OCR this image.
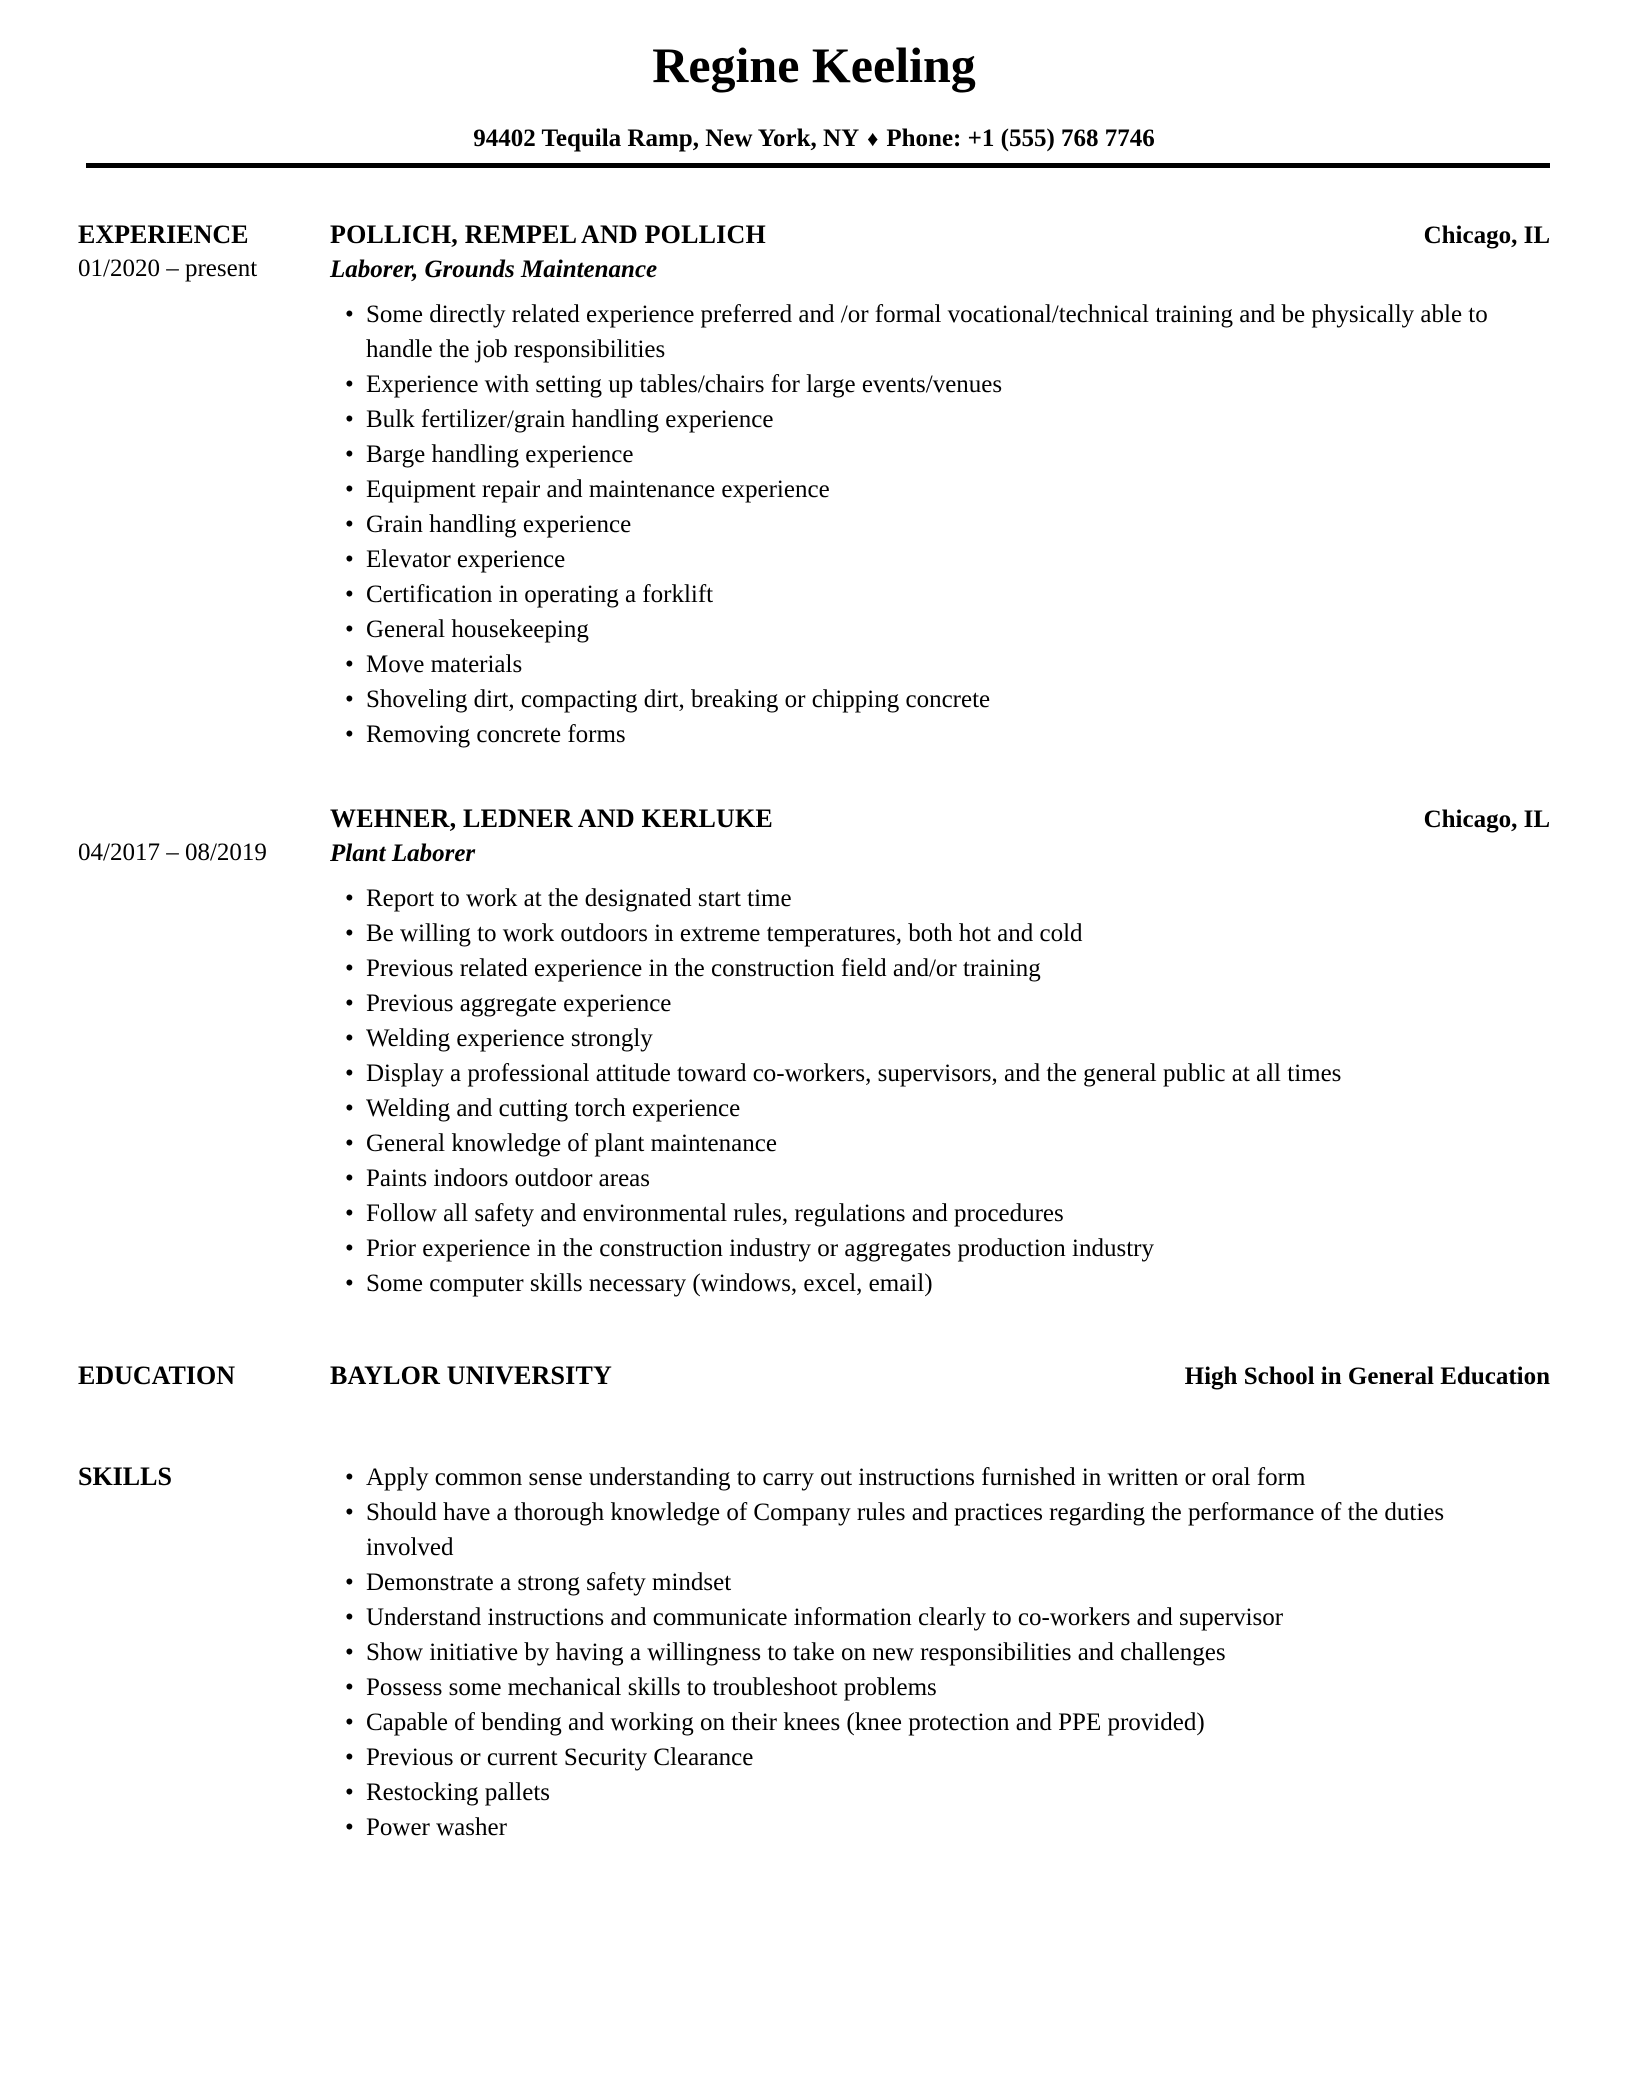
Regine Keeling
94402 Tequila Ramp, New York, NY ♦ Phone: +1 (555) 768 7746
EXPERIENCE
01/2020 – present
POLLICH, REMPEL AND POLLICH	Chicago, IL
Laborer, Grounds Maintenance
• Some directly related experience preferred and /or formal vocational/technical training and be physically able to handle the job responsibilities
• Experience with setting up tables/chairs for large events/venues
• Bulk fertilizer/grain handling experience
• Barge handling experience
• Equipment repair and maintenance experience
• Grain handling experience
• Elevator experience
• Certification in operating a forklift
• General housekeeping
• Move materials
• Shoveling dirt, compacting dirt, breaking or chipping concrete
• Removing concrete forms
04/2017 – 08/2019
WEHNER, LEDNER AND KERLUKE	Chicago, IL
Plant Laborer
• Report to work at the designated start time
• Be willing to work outdoors in extreme temperatures, both hot and cold
• Previous related experience in the construction field and/or training
• Previous aggregate experience
• Welding experience strongly
• Display a professional attitude toward co-workers, supervisors, and the general public at all times
• Welding and cutting torch experience
• General knowledge of plant maintenance
• Paints indoors outdoor areas
• Follow all safety and environmental rules, regulations and procedures
• Prior experience in the construction industry or aggregates production industry
• Some computer skills necessary (windows, excel, email)
EDUCATION	BAYLOR UNIVERSITY	High School in General Education
SKILLS	• Apply common sense understanding to carry out instructions furnished in written or oral form
• Should have a thorough knowledge of Company rules and practices regarding the performance of the duties involved
• Demonstrate a strong safety mindset
• Understand instructions and communicate information clearly to co-workers and supervisor
• Show initiative by having a willingness to take on new responsibilities and challenges
• Possess some mechanical skills to troubleshoot problems
• Capable of bending and working on their knees (knee protection and PPE provided)
• Previous or current Security Clearance
• Restocking pallets
• Power washer
